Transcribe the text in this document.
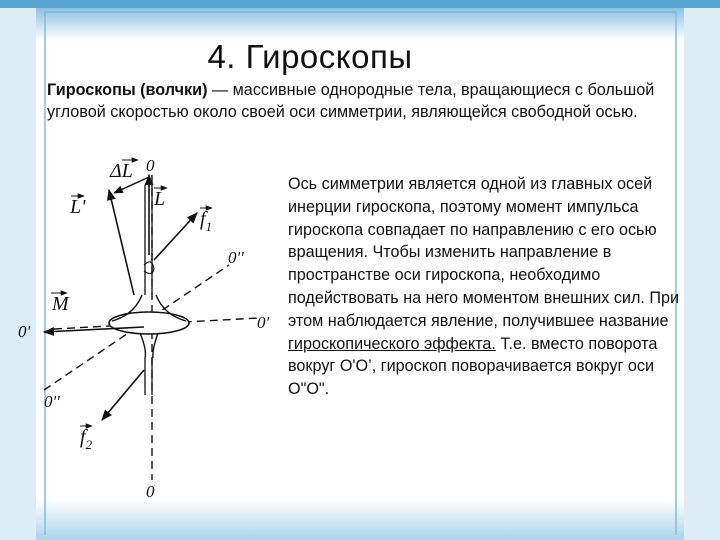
4. Гироскопы
Гироскопы (волчки) — массивные однородные тела, вращающиеся с большой угловой скоростью около своей оси симметрии, являющейся свободной осью.
Ось симметрии является одной из главных осей инерции гироскопа, поэтому момент импульса гироскопа совпадает по направлению с его осью вращения. Чтобы изменить направление в пространстве оси гироскопа, необходимо подействовать на него моментом внешних сил. При этом наблюдается явление, получившее название гироскопического эффекта. Т.е. вместо поворота вокруг О'О’, гироскоп поворачивается вокруг оси О"О".
ΔL
L
L'
$f_1$
$f_2$
M
0
0
0''
0''
0'	0'
